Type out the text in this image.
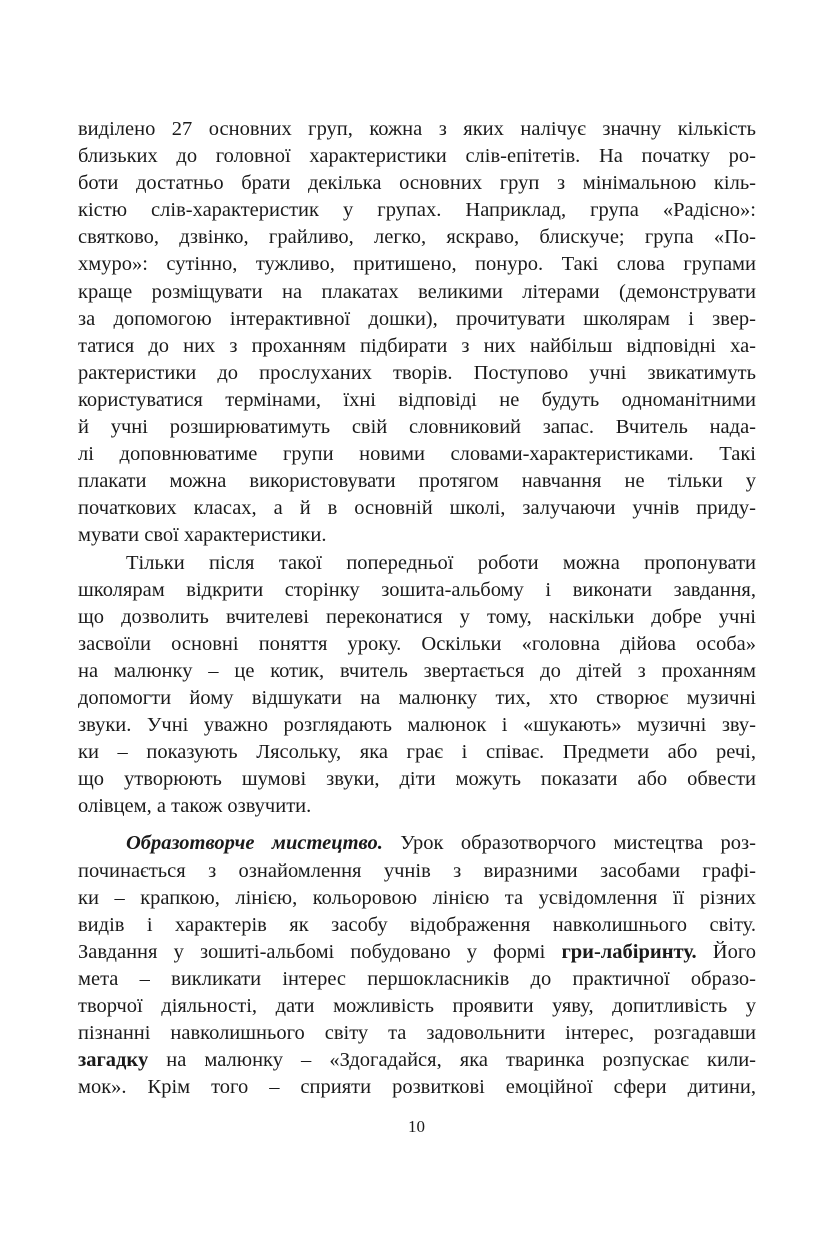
виділено 27 основних груп, кожна з яких налічує значну кількість
близьких до головної характеристики слів-епітетів. На початку ро-
боти достатньо брати декілька основних груп з мінімальною кіль-
кістю слів-характеристик у групах. Наприклад, група «Радісно»:
святково, дзвінко, грайливо, легко, яскраво, блискуче; група «По-
хмуро»: сутінно, тужливо, притишено, понуро. Такі слова групами
краще розміщувати на плакатах великими літерами (демонструвати
за допомогою інтерактивної дошки), прочитувати школярам і звер-
татися до них з проханням підбирати з них найбільш відповідні ха-
рактеристики до прослуханих творів. Поступово учні звикатимуть
користуватися термінами, їхні відповіді не будуть одноманітними
й учні розширюватимуть свій словниковий запас. Вчитель нада-
лі доповнюватиме групи новими словами-характеристиками. Такі
плакати можна використовувати протягом навчання не тільки у
початкових класах, а й в основній школі, залучаючи учнів приду-
мувати свої характеристики.
Тільки після такої попередньої роботи можна пропонувати
школярам відкрити сторінку зошита-альбому і виконати завдання,
що дозволить вчителеві переконатися у тому, наскільки добре учні
засвоїли основні поняття уроку. Оскільки «головна дійова особа»
на малюнку – це котик, вчитель звертається до дітей з проханням
допомогти йому відшукати на малюнку тих, хто створює музичні
звуки. Учні уважно розглядають малюнок і «шукають» музичні зву-
ки – показують Лясольку, яка грає і співає. Предмети або речі,
що утворюють шумові звуки, діти можуть показати або обвести
олівцем, а також озвучити.
Образотворче мистецтво. Урок образотворчого мистецтва роз-
починається з ознайомлення учнів з виразними засобами графі-
ки – крапкою, лінією, кольоровою лінією та усвідомлення її різних
видів і характерів як засобу відображення навколишнього світу.
Завдання у зошиті-альбомі побудовано у формі гри-лабіринту. Його
мета – викликати інтерес першокласників до практичної образо-
творчої діяльності, дати можливість проявити уяву, допитливість у
пізнанні навколишнього світу та задовольнити інтерес, розгадавши
загадку на малюнку – «Здогадайся, яка тваринка розпускає кили-
мок». Крім того – сприяти розвиткові емоційної сфери дитини,
10
